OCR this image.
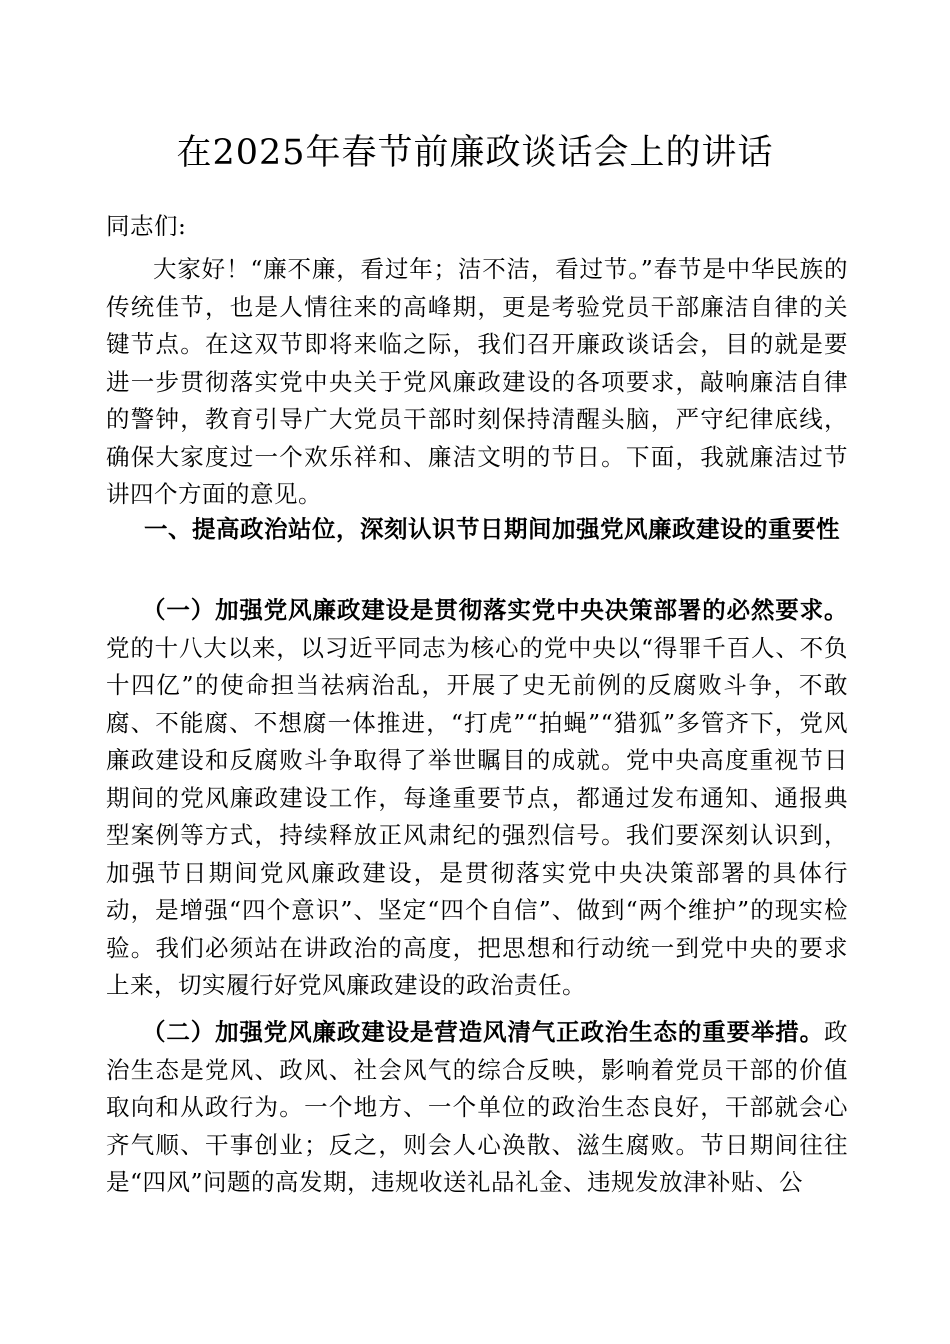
在2025年春节前廉政谈话会上的讲话

同志们:

大家好！“廉不廉，看过年；洁不洁，看过节。”春节是中华民族的传统佳节，也是人情往来的高峰期，更是考验党员干部廉洁自律的关键节点。在这双节即将来临之际，我们召开廉政谈话会，目的就是要进一步贯彻落实党中央关于党风廉政建设的各项要求，敲响廉洁自律的警钟，教育引导广大党员干部时刻保持清醒头脑，严守纪律底线，确保大家度过一个欢乐祥和、廉洁文明的节日。下面，我就廉洁过节讲四个方面的意见。

一、提高政治站位，深刻认识节日期间加强党风廉政建设的重要性

（一）加强党风廉政建设是贯彻落实党中央决策部署的必然要求。党的十八大以来，以习近平同志为核心的党中央以“得罪千百人、不负十四亿”的使命担当祛病治乱，开展了史无前例的反腐败斗争，不敢腐、不能腐、不想腐一体推进，“打虎”“拍蝇”“猎狐”多管齐下，党风廉政建设和反腐败斗争取得了举世瞩目的成就。党中央高度重视节日期间的党风廉政建设工作，每逢重要节点，都通过发布通知、通报典型案例等方式，持续释放正风肃纪的强烈信号。我们要深刻认识到，加强节日期间党风廉政建设，是贯彻落实党中央决策部署的具体行动，是增强“四个意识”、坚定“四个自信”、做到“两个维护”的现实检验。我们必须站在讲政治的高度，把思想和行动统一到党中央的要求上来，切实履行好党风廉政建设的政治责任。

（二）加强党风廉政建设是营造风清气正政治生态的重要举措。政治生态是党风、政风、社会风气的综合反映，影响着党员干部的价值取向和从政行为。一个地方、一个单位的政治生态良好，干部就会心齐气顺、干事创业；反之，则会人心涣散、滋生腐败。节日期间往往是“四风”问题的高发期，违规收送礼品礼金、违规发放津补贴、公
